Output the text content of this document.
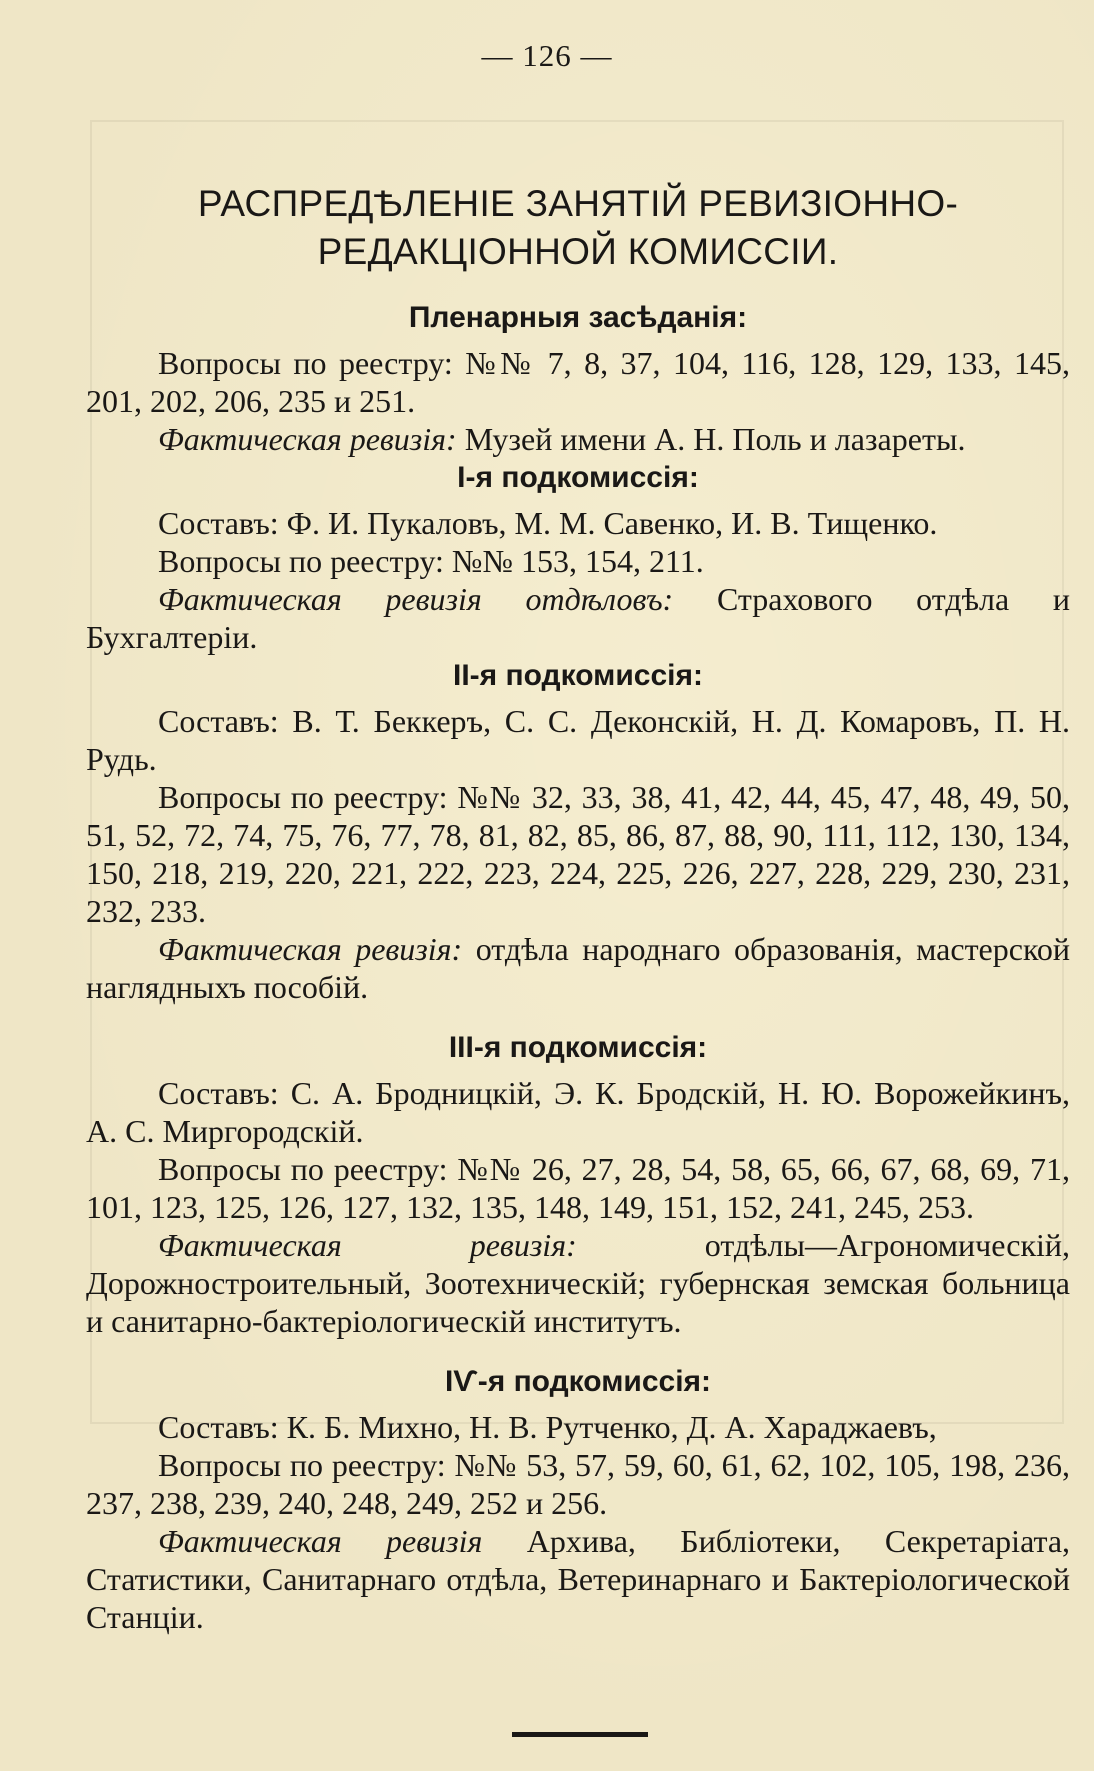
— 126 —
РАСПРЕДѢЛЕНІЕ ЗАНЯТІЙ РЕВИЗІОННО-РЕДАКЦІОННОЙ КОМИССІИ.
Пленарныя засѣданія:

Вопросы по реестру: №№ 7, 8, 37, 104, 116, 128, 129, 133, 145, 201, 202, 206, 235 и 251.

Фактическая ревизія: Музей имени А. Н. Поль и лазареты.

І-я подкомиссія:

Составъ: Ф. И. Пукаловъ, М. М. Савенко, И. В. Тищенко.

Вопросы по реестру: №№ 153, 154, 211.

Фактическая ревизія отдѣловъ: Страхового отдѣла и Бухгалтеріи.

ІІ-я подкомиссія:

Составъ: В. Т. Беккеръ, С. С. Деконскій, Н. Д. Комаровъ, П. Н. Рудь.

Вопросы по реестру: №№ 32, 33, 38, 41, 42, 44, 45, 47, 48, 49, 50, 51, 52, 72, 74, 75, 76, 77, 78, 81, 82, 85, 86, 87, 88, 90, 111, 112, 130, 134, 150, 218, 219, 220, 221, 222, 223, 224, 225, 226, 227, 228, 229, 230, 231, 232, 233.

Фактическая ревизія: отдѣла народнаго образованія, мастерской наглядныхъ пособій.

ІІІ-я подкомиссія:

Составъ: С. А. Бродницкій, Э. К. Бродскій, Н. Ю. Ворожейкинъ, А. С. Миргородскій.

Вопросы по реестру: №№ 26, 27, 28, 54, 58, 65, 66, 67, 68, 69, 71, 101, 123, 125, 126, 127, 132, 135, 148, 149, 151, 152, 241, 245, 253.

Фактическая ревизія:	отдѣлы—Агрономическій, Дорожностроительный, Зоотехническій; губернская земская больница и санитарно-бактеріологическій институтъ.

ІѴ-я подкомиссія:

Составъ: К. Б. Михно, Н. В. Рутченко, Д. А. Хараджаевъ,

Вопросы по реестру: №№ 53, 57, 59, 60, 61, 62, 102, 105, 198, 236, 237, 238, 239, 240, 248, 249, 252 и 256.

Фактическая ревизія Архива, Библіотеки, Секретаріата, Статистики, Санитарнаго отдѣла, Ветеринарнаго и Бактеріологической Станціи.
